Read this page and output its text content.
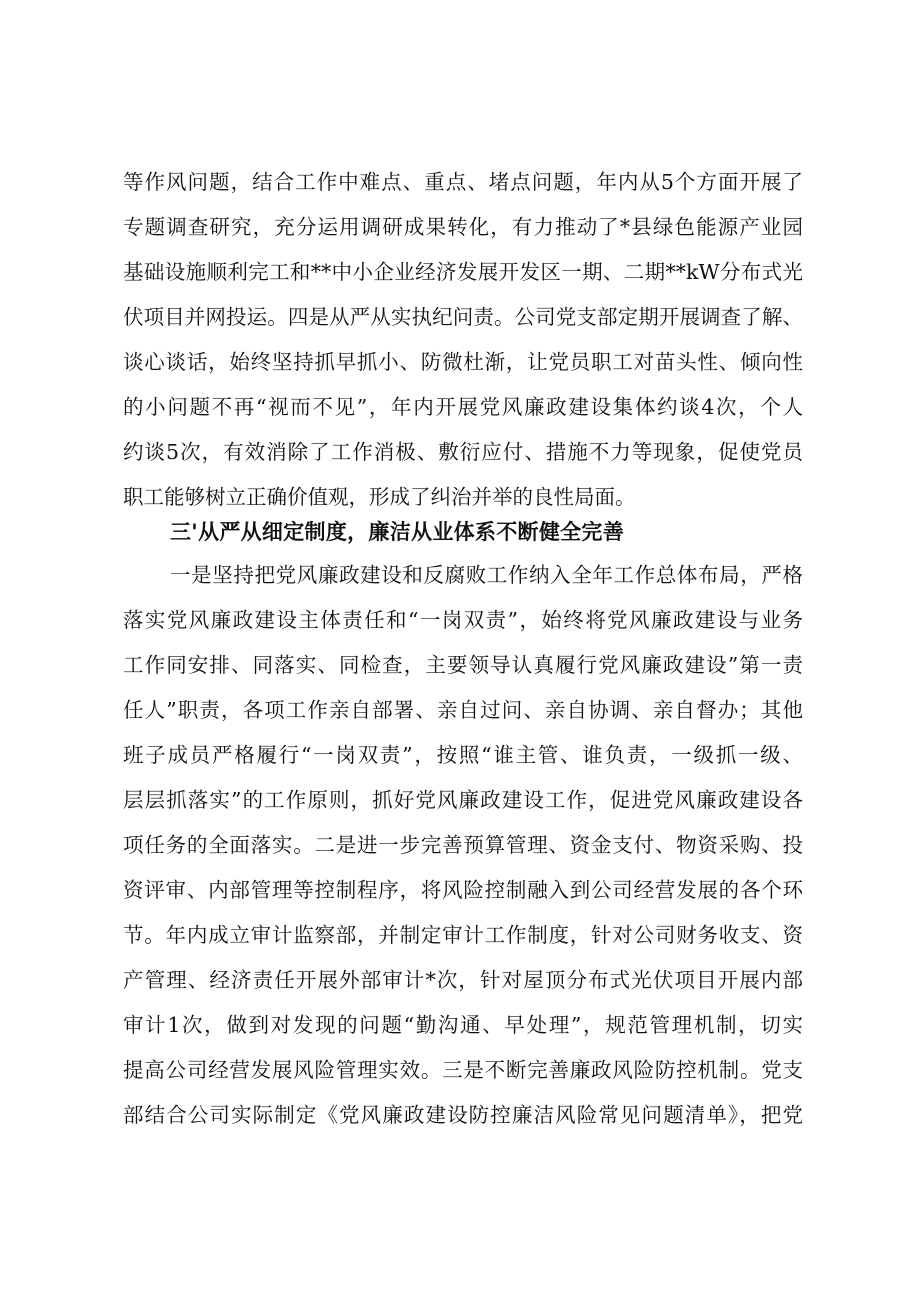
等作风问题，结合工作中难点、重点、堵点问题，年内从5个方面开展了
专题调查研究，充分运用调研成果转化，有力推动了*县绿色能源产业园
基础设施顺利完工和**中小企业经济发展开发区一期、二期**kW分布式光
伏项目并网投运。四是从严从实执纪问责。公司党支部定期开展调查了解、
谈心谈话，始终坚持抓早抓小、防微杜渐，让党员职工对苗头性、倾向性
的小问题不再“视而不见”，年内开展党风廉政建设集体约谈4次，个人
约谈5次，有效消除了工作消极、敷衍应付、措施不力等现象，促使党员
职工能够树立正确价值观，形成了纠治并举的良性局面。
三'从严从细定制度，廉洁从业体系不断健全完善
一是坚持把党风廉政建设和反腐败工作纳入全年工作总体布局，严格
落实党风廉政建设主体责任和“一岗双责”，始终将党风廉政建设与业务
工作同安排、同落实、同检查，主要领导认真履行党风廉政建设”第一责
任人”职责，各项工作亲自部署、亲自过问、亲自协调、亲自督办；其他
班子成员严格履行“一岗双责”，按照“谁主管、谁负责，一级抓一级、
层层抓落实”的工作原则，抓好党风廉政建设工作，促进党风廉政建设各
项任务的全面落实。二是进一步完善预算管理、资金支付、物资采购、投
资评审、内部管理等控制程序，将风险控制融入到公司经营发展的各个环
节。年内成立审计监察部，并制定审计工作制度，针对公司财务收支、资
产管理、经济责任开展外部审计*次，针对屋顶分布式光伏项目开展内部
审计1次，做到对发现的问题“勤沟通、早处理”，规范管理机制，切实
提高公司经营发展风险管理实效。三是不断完善廉政风险防控机制。党支
部结合公司实际制定《党风廉政建设防控廉洁风险常见问题清单》，把党
